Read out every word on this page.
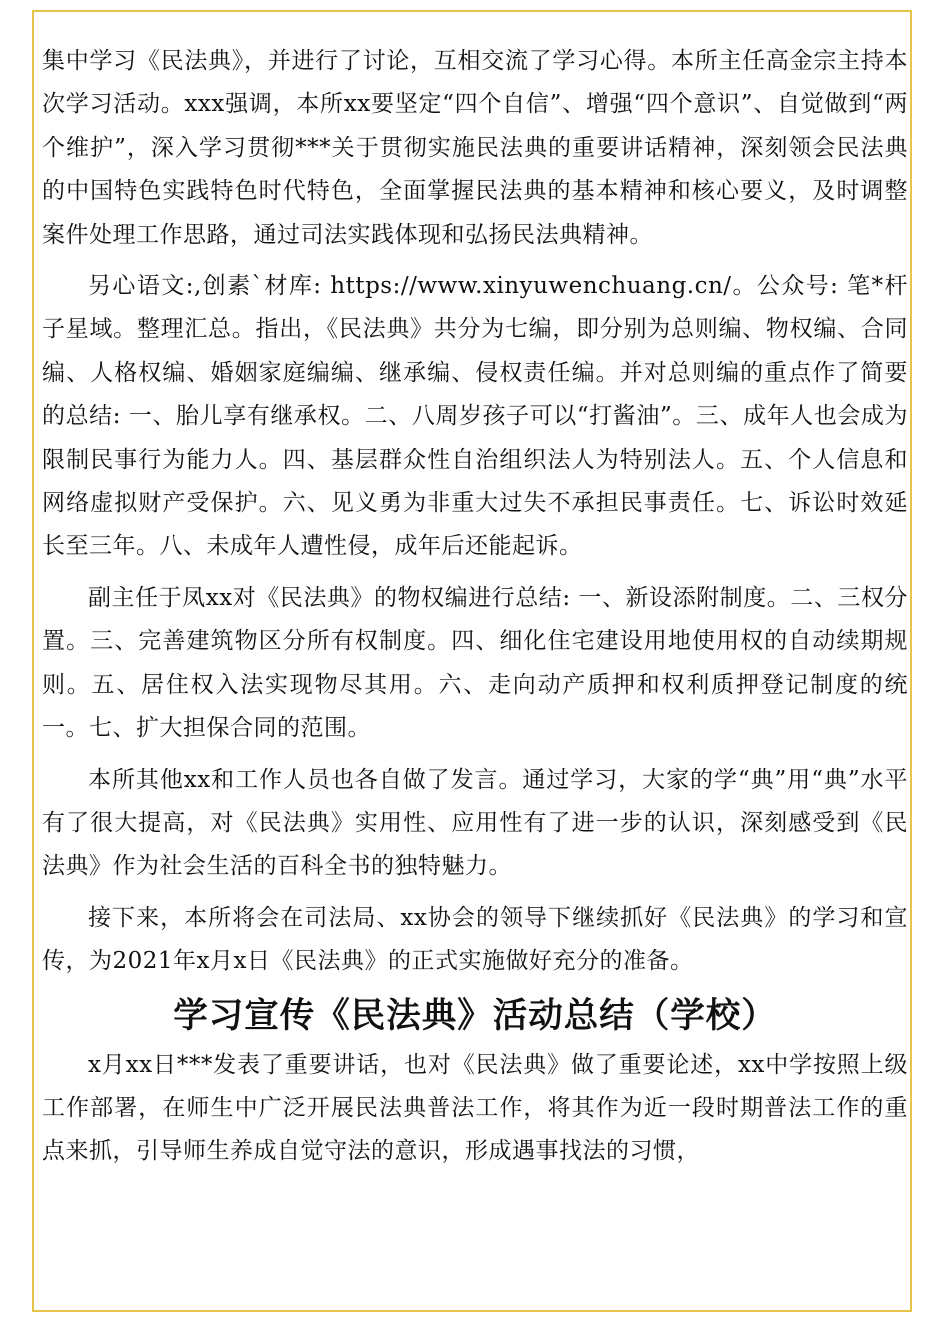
集中学习《民法典》，并进行了讨论，互相交流了学习心得。本所主任高金宗主持本次学习活动。xxx强调，本所xx要坚定“四个自信”、增强“四个意识”、自觉做到“两个维护”，深入学习贯彻***关于贯彻实施民法典的重要讲话精神，深刻领会民法典的中国特色实践特色时代特色，全面掌握民法典的基本精神和核心要义，及时调整案件处理工作思路，通过司法实践体现和弘扬民法典精神。

另心语文:,创素`材库: https://www.xinyuwenchuang.cn/。公众号: 笔*杆子星域。整理汇总。指出，《民法典》共分为七编，即分别为总则编、物权编、合同编、人格权编、婚姻家庭编编、继承编、侵权责任编。并对总则编的重点作了简要的总结: 一、胎儿享有继承权。二、八周岁孩子可以“打酱油”。三、成年人也会成为限制民事行为能力人。四、基层群众性自治组织法人为特别法人。五、个人信息和网络虚拟财产受保护。六、见义勇为非重大过失不承担民事责任。七、诉讼时效延长至三年。八、未成年人遭性侵，成年后还能起诉。

副主任于凤xx对《民法典》的物权编进行总结: 一、新设添附制度。二、三权分置。三、完善建筑物区分所有权制度。四、细化住宅建设用地使用权的自动续期规则。五、居住权入法实现物尽其用。六、走向动产质押和权利质押登记制度的统一。七、扩大担保合同的范围。

本所其他xx和工作人员也各自做了发言。通过学习，大家的学“典”用“典”水平有了很大提高，对《民法典》实用性、应用性有了进一步的认识，深刻感受到《民法典》作为社会生活的百科全书的独特魅力。

接下来，本所将会在司法局、xx协会的领导下继续抓好《民法典》的学习和宣传，为2021年x月x日《民法典》的正式实施做好充分的准备。

学习宣传《民法典》活动总结（学校）

x月xx日***发表了重要讲话，也对《民法典》做了重要论述，xx中学按照上级工作部署，在师生中广泛开展民法典普法工作，将其作为近一段时期普法工作的重点来抓，引导师生养成自觉守法的意识，形成遇事找法的习惯，
